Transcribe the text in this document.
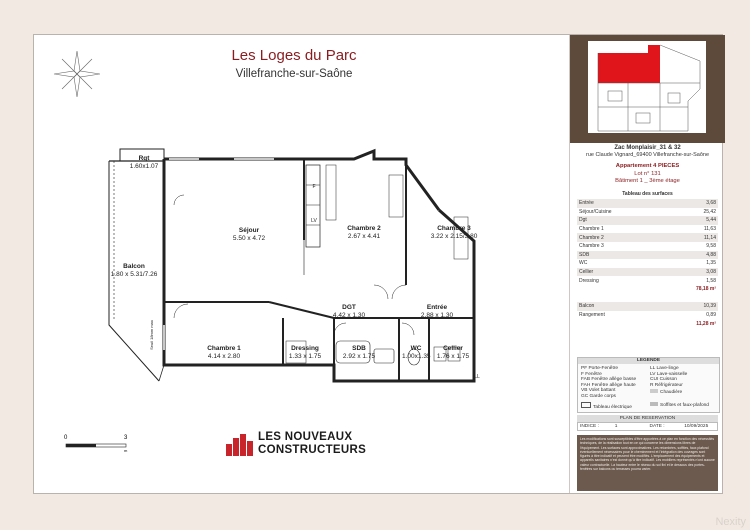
Les Loges du Parc
Villefranche-sur-Saône
Rgt
1.60x1.07
Séjour
5.50 x 4.72
Chambre 2
2.67 x 4.41
Chambre 3
3.22 x 2.15/3.80
Balcon
1.80 x 5.31/7.26
DGT
4.42 x 1.30
Entrée
2.88 x 1.30
Chambre 1
4.14 x 2.80
Dressing
1.33 x 1.75
SDB
2.92 x 1.75
WC
1.00x1.35
Cellier
1.76 x 1.75
LV
F
LL
Seuil 18mm max
0	3
m
LES NOUVEAUX
CONSTRUCTEURS
Zac Monplaisir_31 & 32
rue Claude Vignard_69400 Villefranche-sur-Saône
Appartement 4 PIECES
Lot n° 131
Bâtiment 1 _ 3ème étage
Tableau des surfaces
Entrée	3,68
Séjour/Cuisine	25,42
Dgt	5,44
Chambre 1	11,63
Chambre 2	11,14
Chambre 3	9,58
SDB	4,88
WC	1,35
Cellier	3,08
Dressing	1,58
	78,18 m²

Balcon	10,39
Rangement	0,89
	11,28 m²
LEGENDE
PF Porte-Fenêtre
F Fenêtre
FAB Fenêtre allège basse
FAH Fenêtre allège haute
VB Volet battant
GC Garde corps
LL Lave-linge
LV Lave-vaisselle
CUI Cuisson
R Réfrigérateur
Chaudière
Tableau électrique	Soffites et faux-plafond
PLAN DE RESERVATION
INDICE :	1	DATE :	10/09/2025
Les modifications sont susceptibles d'être apportées à ce plan en fonction des nécessités techniques, de la réalisation tout en ce qui concerne les dimensions libres de l'équipement. Les surfaces sont approximatives. Les retombées, soffites, faux plafond éventuellement nécessaires pour le cheminement et l'intégration des ouvrages sont figurés à titre indicatif et peuvent être modifiés. L'emplacement des équipements et appareils sanitaires n'est donné qu'à titre indicatif. Les mobiliers représentés n'ont aucune valeur contractuelle. La hauteur entre le niveau du sol fini et le dessous des portes-fenêtres sur balcons ou terrasses pourra varier.
Nexity
